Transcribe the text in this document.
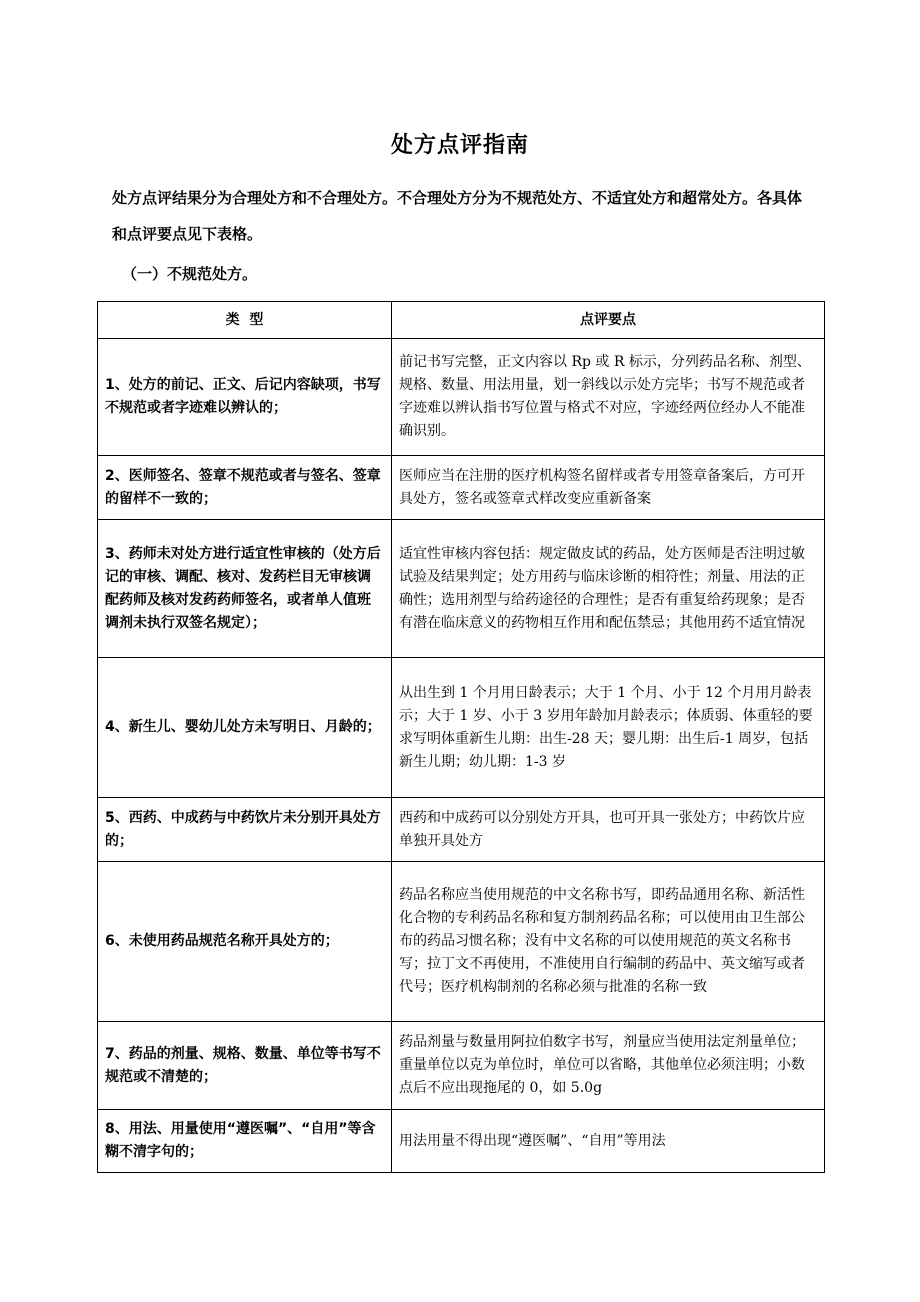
处方点评指南
处方点评结果分为合理处方和不合理处方。不合理处方分为不规范处方、不适宜处方和超常处方。各具体和点评要点见下表格。
（一）不规范处方。
类  型	点评要点
1、处方的前记、正文、后记内容缺项，书写不规范或者字迹难以辨认的；	前记书写完整，正文内容以 Rp 或 R 标示，分列药品名称、剂型、规格、数量、用法用量，划一斜线以示处方完毕；书写不规范或者字迹难以辨认指书写位置与格式不对应，字迹经两位经办人不能准确识别。
2、医师签名、签章不规范或者与签名、签章的留样不一致的；	医师应当在注册的医疗机构签名留样或者专用签章备案后，方可开具处方，签名或签章式样改变应重新备案
3、药师未对处方进行适宜性审核的（处方后记的审核、调配、核对、发药栏目无审核调配药师及核对发药药师签名，或者单人值班调剂未执行双签名规定）；	适宜性审核内容包括：规定做皮试的药品，处方医师是否注明过敏试验及结果判定；处方用药与临床诊断的相符性；剂量、用法的正确性；选用剂型与给药途径的合理性；是否有重复给药现象；是否有潜在临床意义的药物相互作用和配伍禁忌；其他用药不适宜情况
4、新生儿、婴幼儿处方未写明日、月龄的；	从出生到 1 个月用日龄表示；大于 1 个月、小于 12 个月用月龄表示；大于 1 岁、小于 3 岁用年龄加月龄表示；体质弱、体重轻的要求写明体重新生儿期：出生-28 天；婴儿期：出生后-1 周岁，包括新生儿期；幼儿期：1-3 岁
5、西药、中成药与中药饮片未分别开具处方的；	西药和中成药可以分别处方开具，也可开具一张处方；中药饮片应单独开具处方
6、未使用药品规范名称开具处方的；	药品名称应当使用规范的中文名称书写，即药品通用名称、新活性化合物的专利药品名称和复方制剂药品名称；可以使用由卫生部公布的药品习惯名称；没有中文名称的可以使用规范的英文名称书写；拉丁文不再使用，不准使用自行编制的药品中、英文缩写或者代号；医疗机构制剂的名称必须与批准的名称一致
7、药品的剂量、规格、数量、单位等书写不规范或不清楚的；	药品剂量与数量用阿拉伯数字书写，剂量应当使用法定剂量单位；重量单位以克为单位时，单位可以省略，其他单位必须注明；小数点后不应出现拖尾的 0，如 5.0g
8、用法、用量使用“遵医嘱”、“自用”等含糊不清字句的；	用法用量不得出现“遵医嘱”、“自用”等用法
